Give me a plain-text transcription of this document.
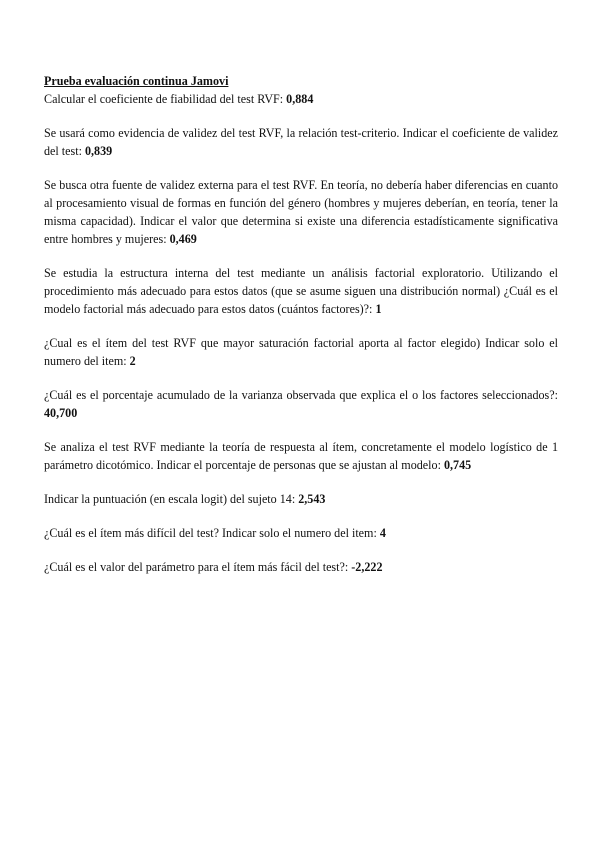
Prueba evaluación continua Jamovi

Calcular el coeficiente de fiabilidad del test RVF: 0,884

Se usará como evidencia de validez del test RVF, la relación test-criterio. Indicar el coeficiente de validez del test: 0,839

Se busca otra fuente de validez externa para el test RVF. En teoría, no debería haber diferencias en cuanto al procesamiento visual de formas en función del género (hombres y mujeres deberían, en teoría, tener la misma capacidad). Indicar el valor que determina si existe una diferencia estadísticamente significativa entre hombres y mujeres: 0,469

Se estudia la estructura interna del test mediante un análisis factorial exploratorio. Utilizando el procedimiento más adecuado para estos datos (que se asume siguen una distribución normal) ¿Cuál es el modelo factorial más adecuado para estos datos (cuántos factores)?: 1

¿Cual es el ítem del test RVF que mayor saturación factorial aporta al factor elegido) Indicar solo el numero del item: 2

¿Cuál es el porcentaje acumulado de la varianza observada que explica el o los factores seleccionados?: 40,700

Se analiza el test RVF mediante la teoría de respuesta al ítem, concretamente el modelo logístico de 1 parámetro dicotómico. Indicar el porcentaje de personas que se ajustan al modelo: 0,745

Indicar la puntuación (en escala logit) del sujeto 14: 2,543

¿Cuál es el ítem más difícil del test? Indicar solo el numero del item: 4

¿Cuál es el valor del parámetro para el ítem más fácil del test?: -2,222
